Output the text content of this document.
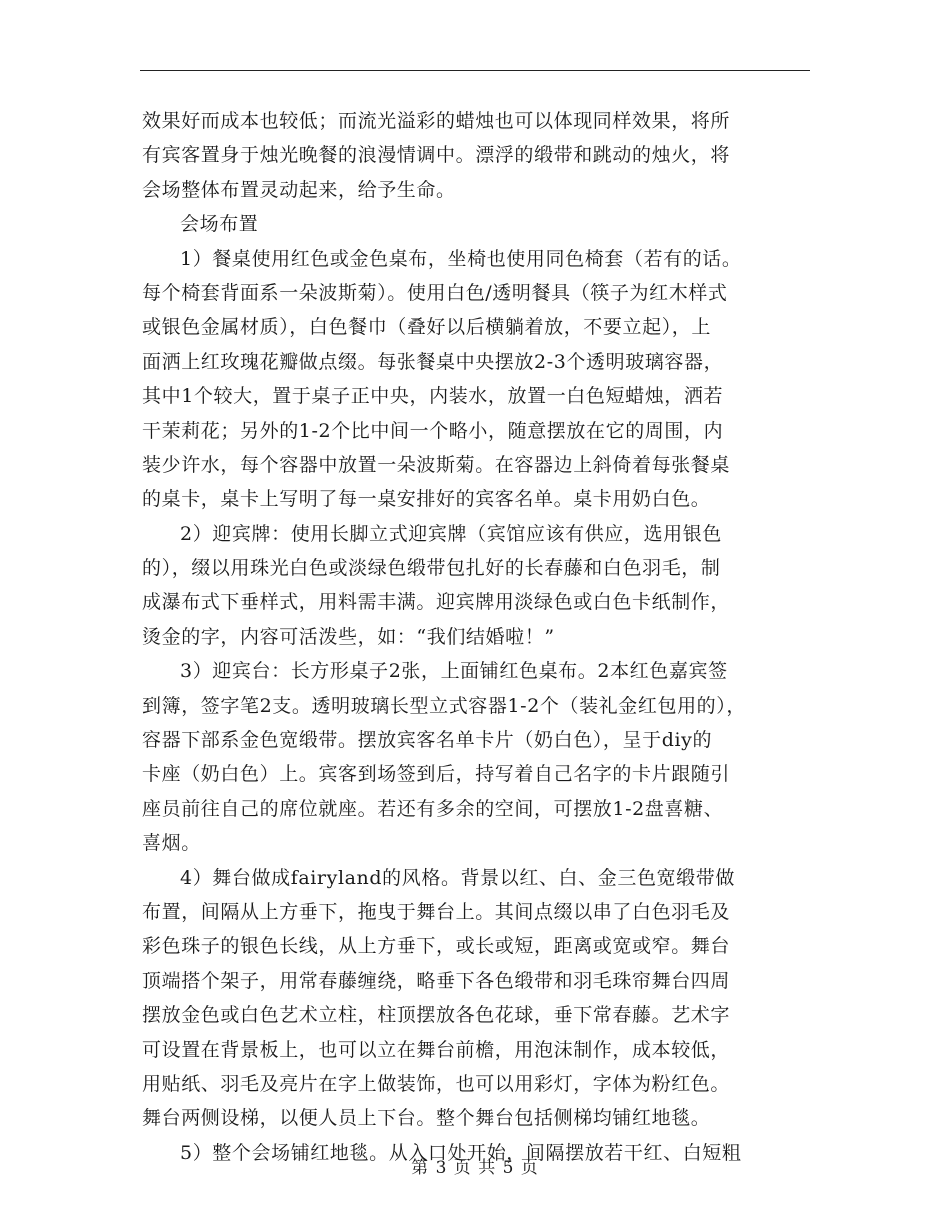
效果好而成本也较低；而流光溢彩的蜡烛也可以体现同样效果，将所
有宾客置身于烛光晚餐的浪漫情调中。漂浮的缎带和跳动的烛火，将
会场整体布置灵动起来，给予生命。
会场布置
1）餐桌使用红色或金色桌布，坐椅也使用同色椅套（若有的话。
每个椅套背面系一朵波斯菊）。使用白色/透明餐具（筷子为红木样式
或银色金属材质），白色餐巾（叠好以后横躺着放，不要立起），上
面洒上红玫瑰花瓣做点缀。每张餐桌中央摆放2-3个透明玻璃容器，
其中1个较大，置于桌子正中央，内装水，放置一白色短蜡烛，洒若
干茉莉花；另外的1-2个比中间一个略小，随意摆放在它的周围，内
装少许水，每个容器中放置一朵波斯菊。在容器边上斜倚着每张餐桌
的桌卡，桌卡上写明了每一桌安排好的宾客名单。桌卡用奶白色。
2）迎宾牌：使用长脚立式迎宾牌（宾馆应该有供应，选用银色
的），缀以用珠光白色或淡绿色缎带包扎好的长春藤和白色羽毛，制
成瀑布式下垂样式，用料需丰满。迎宾牌用淡绿色或白色卡纸制作，
烫金的字，内容可活泼些，如：“我们结婚啦！”
3）迎宾台：长方形桌子2张，上面铺红色桌布。2本红色嘉宾签
到簿，签字笔2支。透明玻璃长型立式容器1-2个（装礼金红包用的），
容器下部系金色宽缎带。摆放宾客名单卡片（奶白色），呈于diy的
卡座（奶白色）上。宾客到场签到后，持写着自己名字的卡片跟随引
座员前往自己的席位就座。若还有多余的空间，可摆放1-2盘喜糖、
喜烟。
4）舞台做成fairyland的风格。背景以红、白、金三色宽缎带做
布置，间隔从上方垂下，拖曳于舞台上。其间点缀以串了白色羽毛及
彩色珠子的银色长线，从上方垂下，或长或短，距离或宽或窄。舞台
顶端搭个架子，用常春藤缠绕，略垂下各色缎带和羽毛珠帘舞台四周
摆放金色或白色艺术立柱，柱顶摆放各色花球，垂下常春藤。艺术字
可设置在背景板上，也可以立在舞台前檐，用泡沫制作，成本较低，
用贴纸、羽毛及亮片在字上做装饰，也可以用彩灯，字体为粉红色。
舞台两侧设梯，以便人员上下台。整个舞台包括侧梯均铺红地毯。
5）整个会场铺红地毯。从入口处开始，间隔摆放若干红、白短粗
第 3 页 共 5 页
